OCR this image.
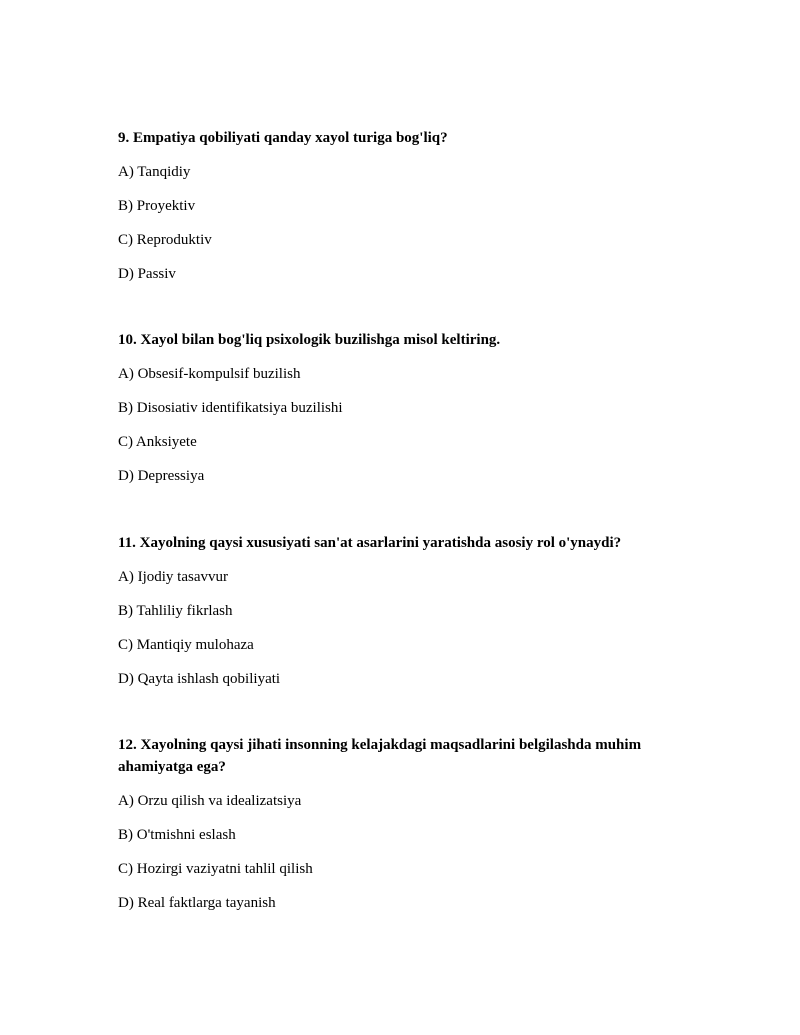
9. Empatiya qobiliyati qanday xayol turiga bog'liq?

A) Tanqidiy

B) Proyektiv

C) Reproduktiv

D) Passiv

10. Xayol bilan bog'liq psixologik buzilishga misol keltiring.

A) Obsesif-kompulsif buzilish

B) Disosiativ identifikatsiya buzilishi

C) Anksiyete

D) Depressiya

11. Xayolning qaysi xususiyati san'at asarlarini yaratishda asosiy rol o'ynaydi?

A) Ijodiy tasavvur

B) Tahliliy fikrlash

C) Mantiqiy mulohaza

D) Qayta ishlash qobiliyati

12. Xayolning qaysi jihati insonning kelajakdagi maqsadlarini belgilashda muhim ahamiyatga ega?

A) Orzu qilish va idealizatsiya

B) O'tmishni eslash

C) Hozirgi vaziyatni tahlil qilish

D) Real faktlarga tayanish
